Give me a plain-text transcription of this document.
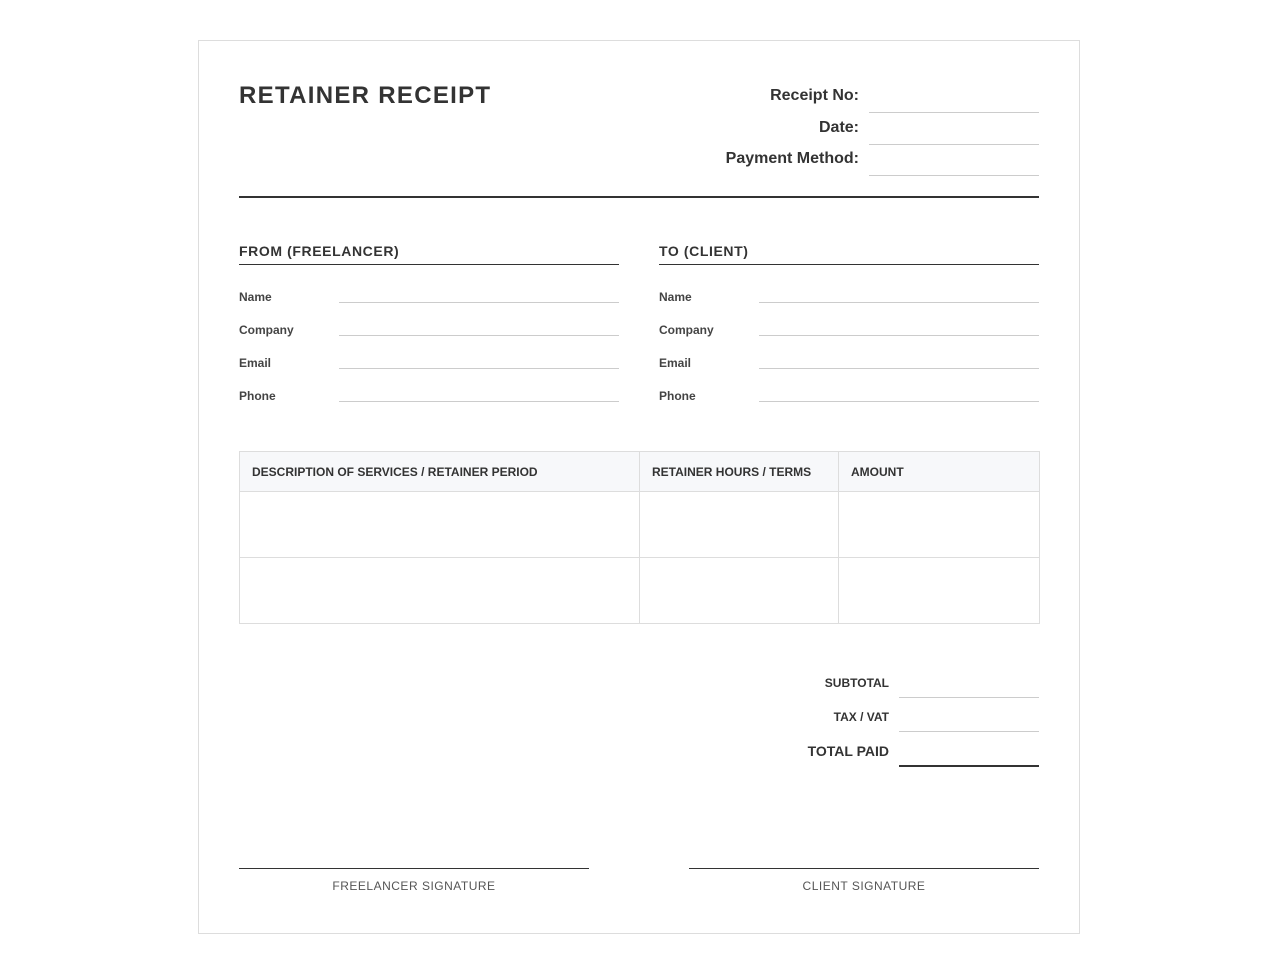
RETAINER RECEIPT	Receipt No:
Date:
Payment Method:
FROM (FREELANCER)
Name
Company
Email
Phone
TO (CLIENT)
Name
Company
Email
Phone
DESCRIPTION OF SERVICES / RETAINER PERIOD	RETAINER HOURS / TERMS	AMOUNT

SUBTOTAL
TAX / VAT
TOTAL PAID
FREELANCER SIGNATURE	CLIENT SIGNATURE
